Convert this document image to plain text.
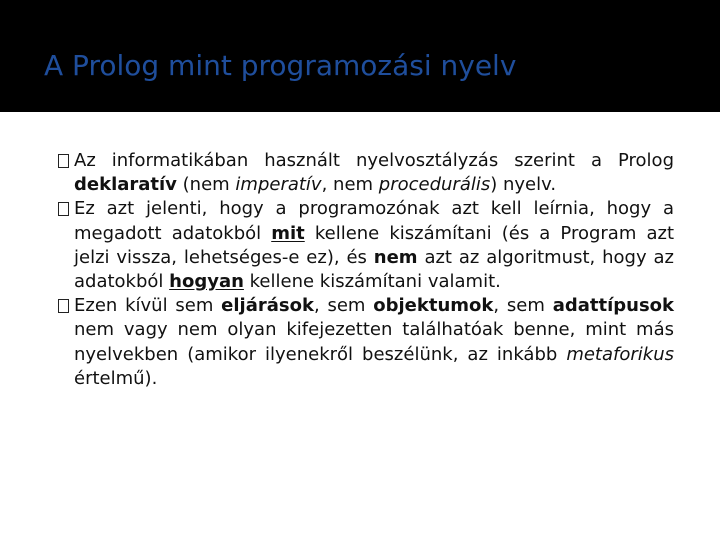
A Prolog mint programozási nyelv
Az informatikában használt nyelvosztályzás szerint a Prolog deklaratív (nem imperatív, nem procedurális) nyelv.
Ez azt jelenti, hogy a programozónak azt kell leírnia, hogy a megadott adatokból mit kellene kiszámítani (és a Program azt jelzi vissza, lehetséges-e ez), és nem azt az algoritmust, hogy az adatokból hogyan kellene kiszámítani valamit.
Ezen kívül sem eljárások, sem objektumok, sem adattípusok nem vagy nem olyan kifejezetten találhatóak benne, mint más nyelvekben (amikor ilyenekről beszélünk, az inkább metaforikus értelmű).
